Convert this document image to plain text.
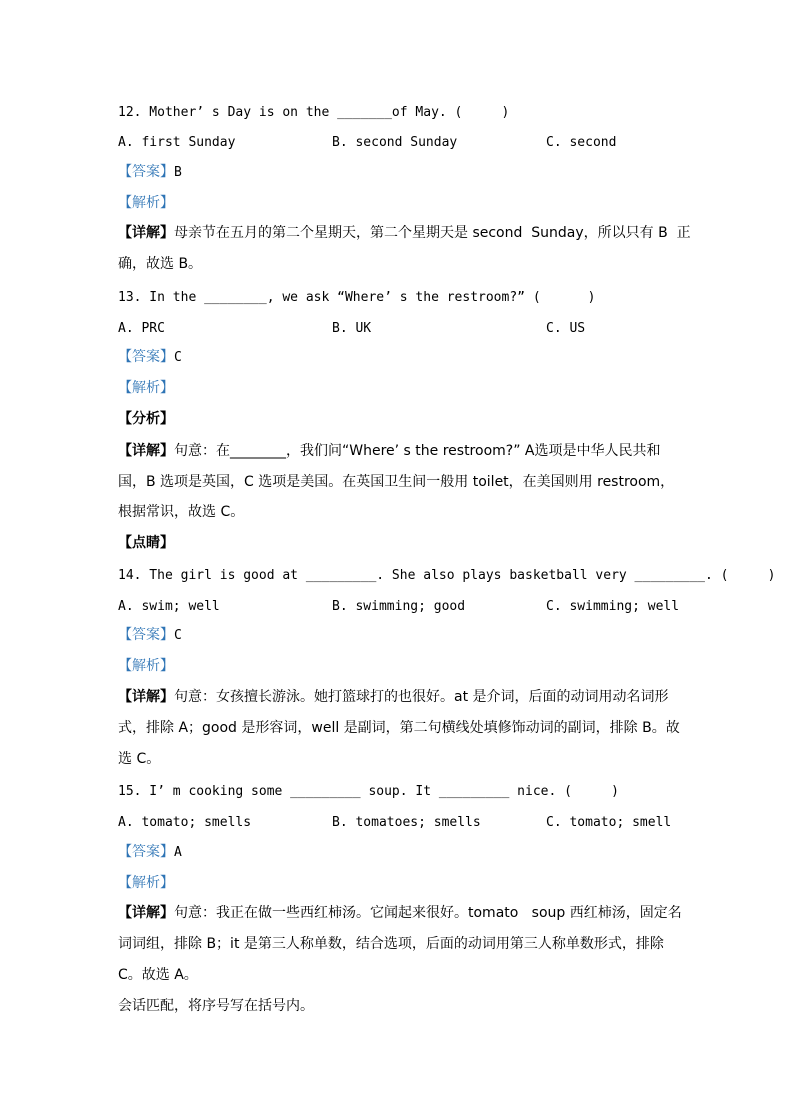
12. Mother’ s Day is on the _______of May. (     )
A. first Sunday	B. second Sunday	C. second
【答案】B
【解析】
【详解】母亲节在五月的第二个星期天，第二个星期天是 second  Sunday，所以只有 B  正
确，故选 B。
13. In the ________, we ask “Where’ s the restroom?” (      )
A. PRC	B. UK	C. US
【答案】C
【解析】
【分析】
【详解】句意：在________，我们问“Where’ s the restroom?” A选项是中华人民共和
国，B 选项是英国，C 选项是美国。在英国卫生间一般用 toilet，在美国则用 restroom，
根据常识，故选 C。
【点睛】
14. The girl is good at _________. She also plays basketball very _________. (     )
A. swim; well	B. swimming; good	C. swimming; well
【答案】C
【解析】
【详解】句意：女孩擅长游泳。她打篮球打的也很好。at 是介词，后面的动词用动名词形
式，排除 A；good 是形容词，well 是副词，第二句横线处填修饰动词的副词，排除 B。故
选 C。
15. I’ m cooking some _________ soup. It _________ nice. (     )
A. tomato; smells	B. tomatoes; smells	C. tomato; smell
【答案】A
【解析】
【详解】句意：我正在做一些西红柿汤。它闻起来很好。tomato   soup 西红柿汤，固定名
词词组，排除 B；it 是第三人称单数，结合选项，后面的动词用第三人称单数形式，排除
C。故选 A。
会话匹配，将序号写在括号内。
